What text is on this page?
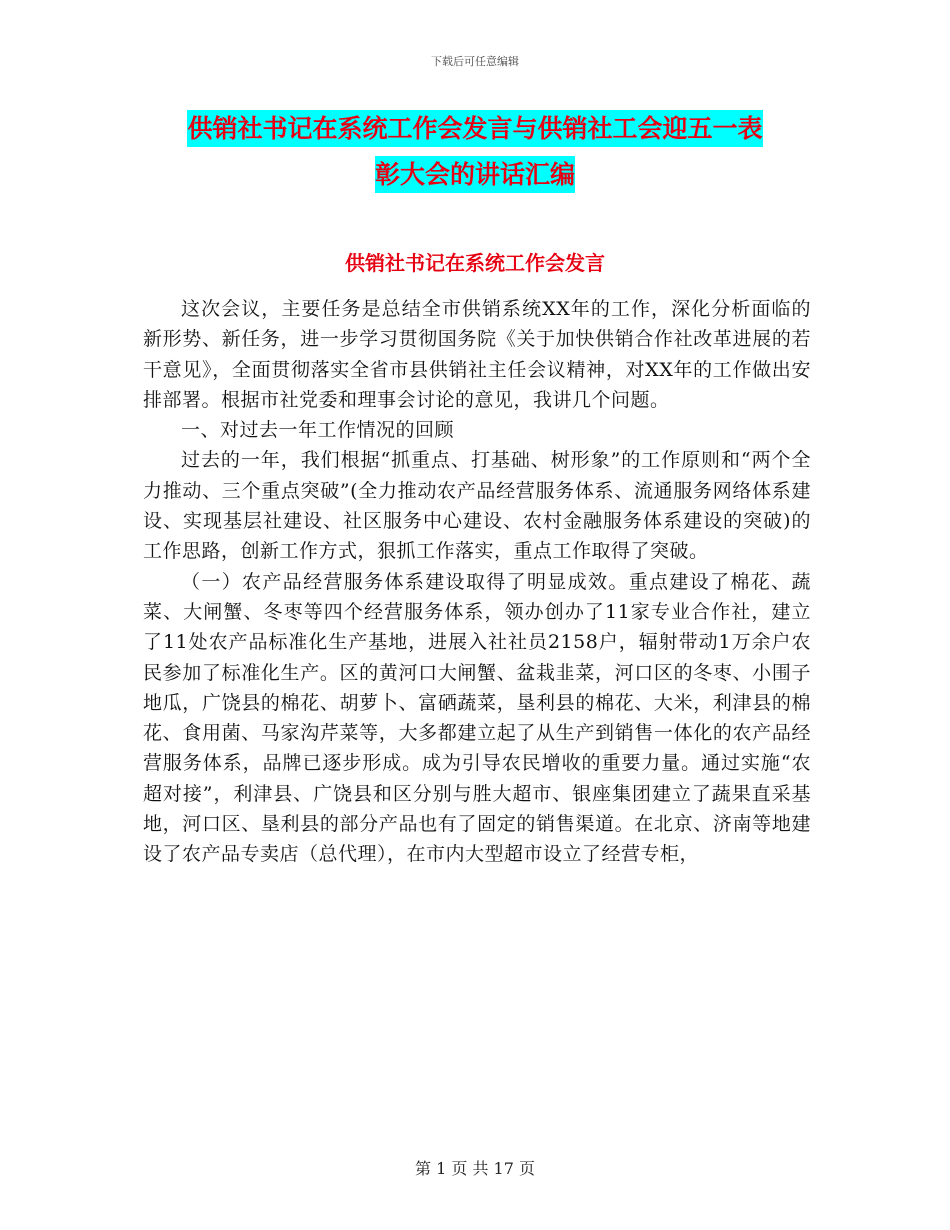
下载后可任意编辑
供销社书记在系统工作会发言与供销社工会迎五一表
彰大会的讲话汇编
供销社书记在系统工作会发言

这次会议，主要任务是总结全市供销系统XX年的工作，深化分析面临的新形势、新任务，进一步学习贯彻国务院《关于加快供销合作社改革进展的若干意见》，全面贯彻落实全省市县供销社主任会议精神，对XX年的工作做出安排部署。根据市社党委和理事会讨论的意见，我讲几个问题。

一、对过去一年工作情况的回顾

过去的一年，我们根据“抓重点、打基础、树形象”的工作原则和“两个全力推动、三个重点突破”(全力推动农产品经营服务体系、流通服务网络体系建设、实现基层社建设、社区服务中心建设、农村金融服务体系建设的突破)的工作思路，创新工作方式，狠抓工作落实，重点工作取得了突破。

（一）农产品经营服务体系建设取得了明显成效。重点建设了棉花、蔬菜、大闸蟹、冬枣等四个经营服务体系，领办创办了11家专业合作社，建立了11处农产品标准化生产基地，进展入社社员2158户，辐射带动1万余户农民参加了标准化生产。区的黄河口大闸蟹、盆栽韭菜，河口区的冬枣、小围子地瓜，广饶县的棉花、胡萝卜、富硒蔬菜，垦利县的棉花、大米，利津县的棉花、食用菌、马家沟芹菜等，大多都建立起了从生产到销售一体化的农产品经营服务体系，品牌已逐步形成。成为引导农民增收的重要力量。通过实施“农超对接”，利津县、广饶县和区分别与胜大超市、银座集团建立了蔬果直采基地，河口区、垦利县的部分产品也有了固定的销售渠道。在北京、济南等地建设了农产品专卖店（总代理），在市内大型超市设立了经营专柜，

第 1 页 共 17 页
